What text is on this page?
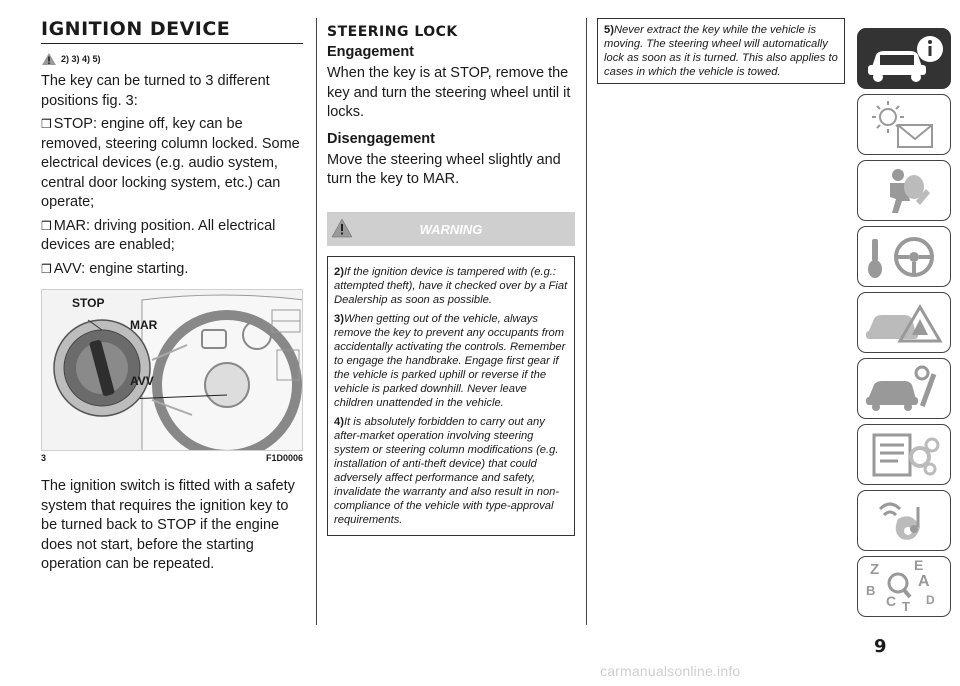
IGNITION DEVICE
2) 3) 4) 5)

The key can be turned to 3 different positions fig. 3:

❒ STOP: engine off, key can be removed, steering column locked. Some electrical devices (e.g. audio system, central door locking system, etc.) can operate;

❒ MAR: driving position. All electrical devices are enabled;

❒ AVV: engine starting.

STOP
MAR
AVV
3	F1D0006

The ignition switch is fitted with a safety system that requires the ignition key to be turned back to STOP if the engine does not start, before the starting operation can be repeated.

STEERING LOCK
Engagement

When the key is at STOP, remove the key and turn the steering wheel until it locks.

Disengagement

Move the steering wheel slightly and turn the key to MAR.

WARNING
2)If the ignition device is tampered with (e.g.: attempted theft), have it checked over by a Fiat Dealership as soon as possible.
3)When getting out of the vehicle, always remove the key to prevent any occupants from accidentally activating the controls. Remember to engage the handbrake. Engage first gear if the vehicle is parked uphill or reverse if the vehicle is parked downhill. Never leave children unattended in the vehicle.
4)It is absolutely forbidden to carry out any after-market operation involving steering system or steering column modifications (e.g. installation of anti-theft device) that could adversely affect performance and safety, invalidate the warranty and also result in non-compliance of the vehicle with type-approval requirements.
5)Never extract the key while the vehicle is moving. The steering wheel will automatically lock as soon as it is turned. This also applies to cases in which the vehicle is towed.
Z E
B
A
C T D
9
carmanualsonline.info
